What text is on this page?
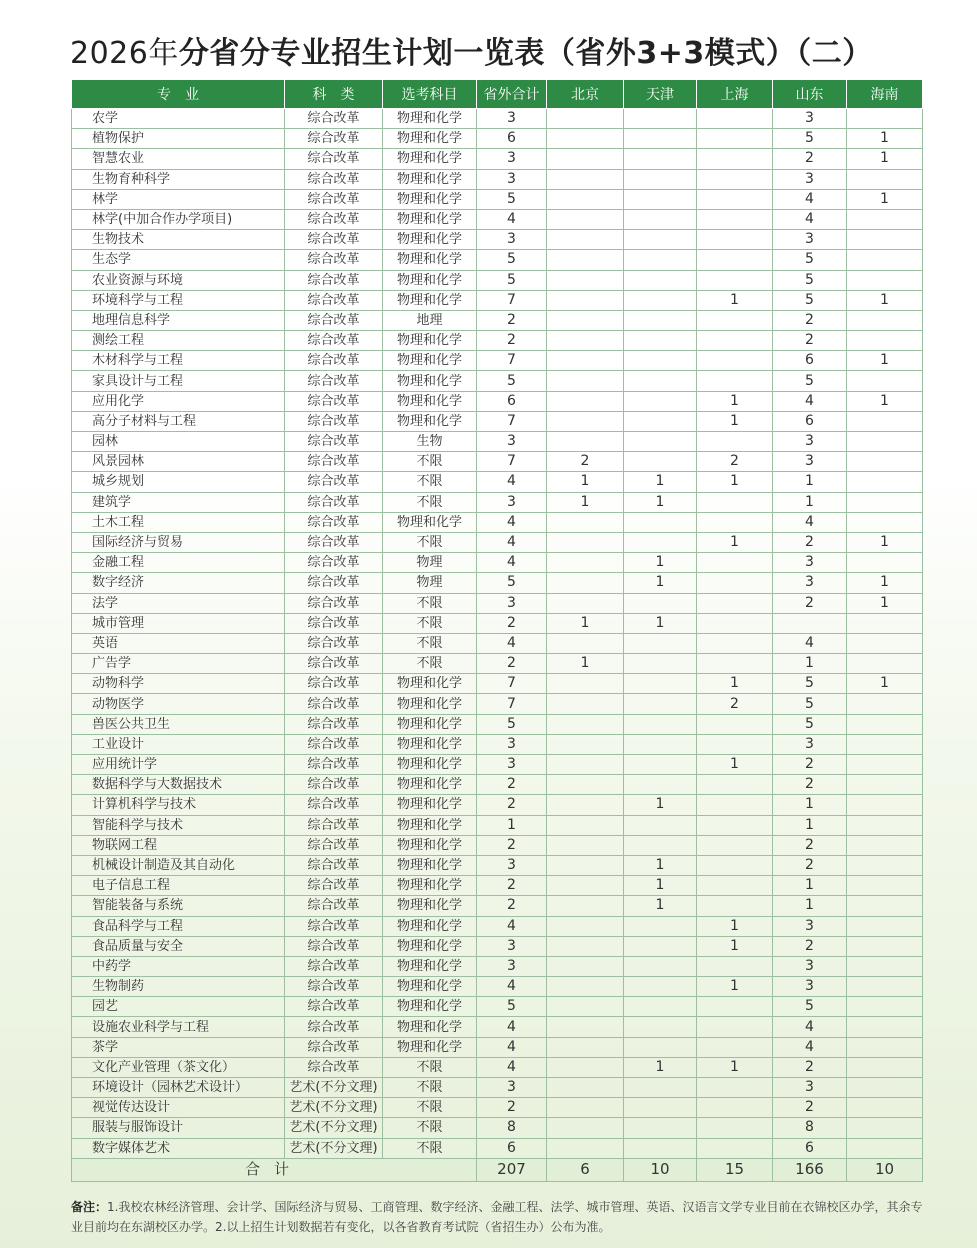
2026年分省分专业招生计划一览表（省外3+3模式）（二）
专　业	科　类	选考科目	省外合计	北京	天津	上海	山东	海南
农学	综合改革	物理和化学	3				3	
植物保护	综合改革	物理和化学	6				5	1
智慧农业	综合改革	物理和化学	3				2	1
生物育种科学	综合改革	物理和化学	3				3	
林学	综合改革	物理和化学	5				4	1
林学(中加合作办学项目)	综合改革	物理和化学	4				4	
生物技术	综合改革	物理和化学	3				3	
生态学	综合改革	物理和化学	5				5	
农业资源与环境	综合改革	物理和化学	5				5	
环境科学与工程	综合改革	物理和化学	7			1	5	1
地理信息科学	综合改革	地理	2				2	
测绘工程	综合改革	物理和化学	2				2	
木材科学与工程	综合改革	物理和化学	7				6	1
家具设计与工程	综合改革	物理和化学	5				5	
应用化学	综合改革	物理和化学	6			1	4	1
高分子材料与工程	综合改革	物理和化学	7			1	6	
园林	综合改革	生物	3				3	
风景园林	综合改革	不限	7	2		2	3	
城乡规划	综合改革	不限	4	1	1	1	1	
建筑学	综合改革	不限	3	1	1		1	
土木工程	综合改革	物理和化学	4				4	
国际经济与贸易	综合改革	不限	4			1	2	1
金融工程	综合改革	物理	4		1		3	
数字经济	综合改革	物理	5		1		3	1
法学	综合改革	不限	3				2	1
城市管理	综合改革	不限	2	1	1			
英语	综合改革	不限	4				4	
广告学	综合改革	不限	2	1			1	
动物科学	综合改革	物理和化学	7			1	5	1
动物医学	综合改革	物理和化学	7			2	5	
兽医公共卫生	综合改革	物理和化学	5				5	
工业设计	综合改革	物理和化学	3				3	
应用统计学	综合改革	物理和化学	3			1	2	
数据科学与大数据技术	综合改革	物理和化学	2				2	
计算机科学与技术	综合改革	物理和化学	2		1		1	
智能科学与技术	综合改革	物理和化学	1				1	
物联网工程	综合改革	物理和化学	2				2	
机械设计制造及其自动化	综合改革	物理和化学	3		1		2	
电子信息工程	综合改革	物理和化学	2		1		1	
智能装备与系统	综合改革	物理和化学	2		1		1	
食品科学与工程	综合改革	物理和化学	4			1	3	
食品质量与安全	综合改革	物理和化学	3			1	2	
中药学	综合改革	物理和化学	3				3	
生物制药	综合改革	物理和化学	4			1	3	
园艺	综合改革	物理和化学	5				5	
设施农业科学与工程	综合改革	物理和化学	4				4	
茶学	综合改革	物理和化学	4				4	
文化产业管理（茶文化）	综合改革	不限	4		1	1	2	
环境设计（园林艺术设计）	艺术(不分文理)	不限	3				3	
视觉传达设计	艺术(不分文理)	不限	2				2	
服装与服饰设计	艺术(不分文理)	不限	8				8	
数字媒体艺术	艺术(不分文理)	不限	6				6	
合计			207	6	10	15	166	10
备注：1.我校农林经济管理、会计学、国际经济与贸易、工商管理、数字经济、金融工程、法学、城市管理、英语、汉语言文学专业目前在衣锦校区办学，其余专业目前均在东湖校区办学。2.以上招生计划数据若有变化，以各省教育考试院（省招生办）公布为准。
